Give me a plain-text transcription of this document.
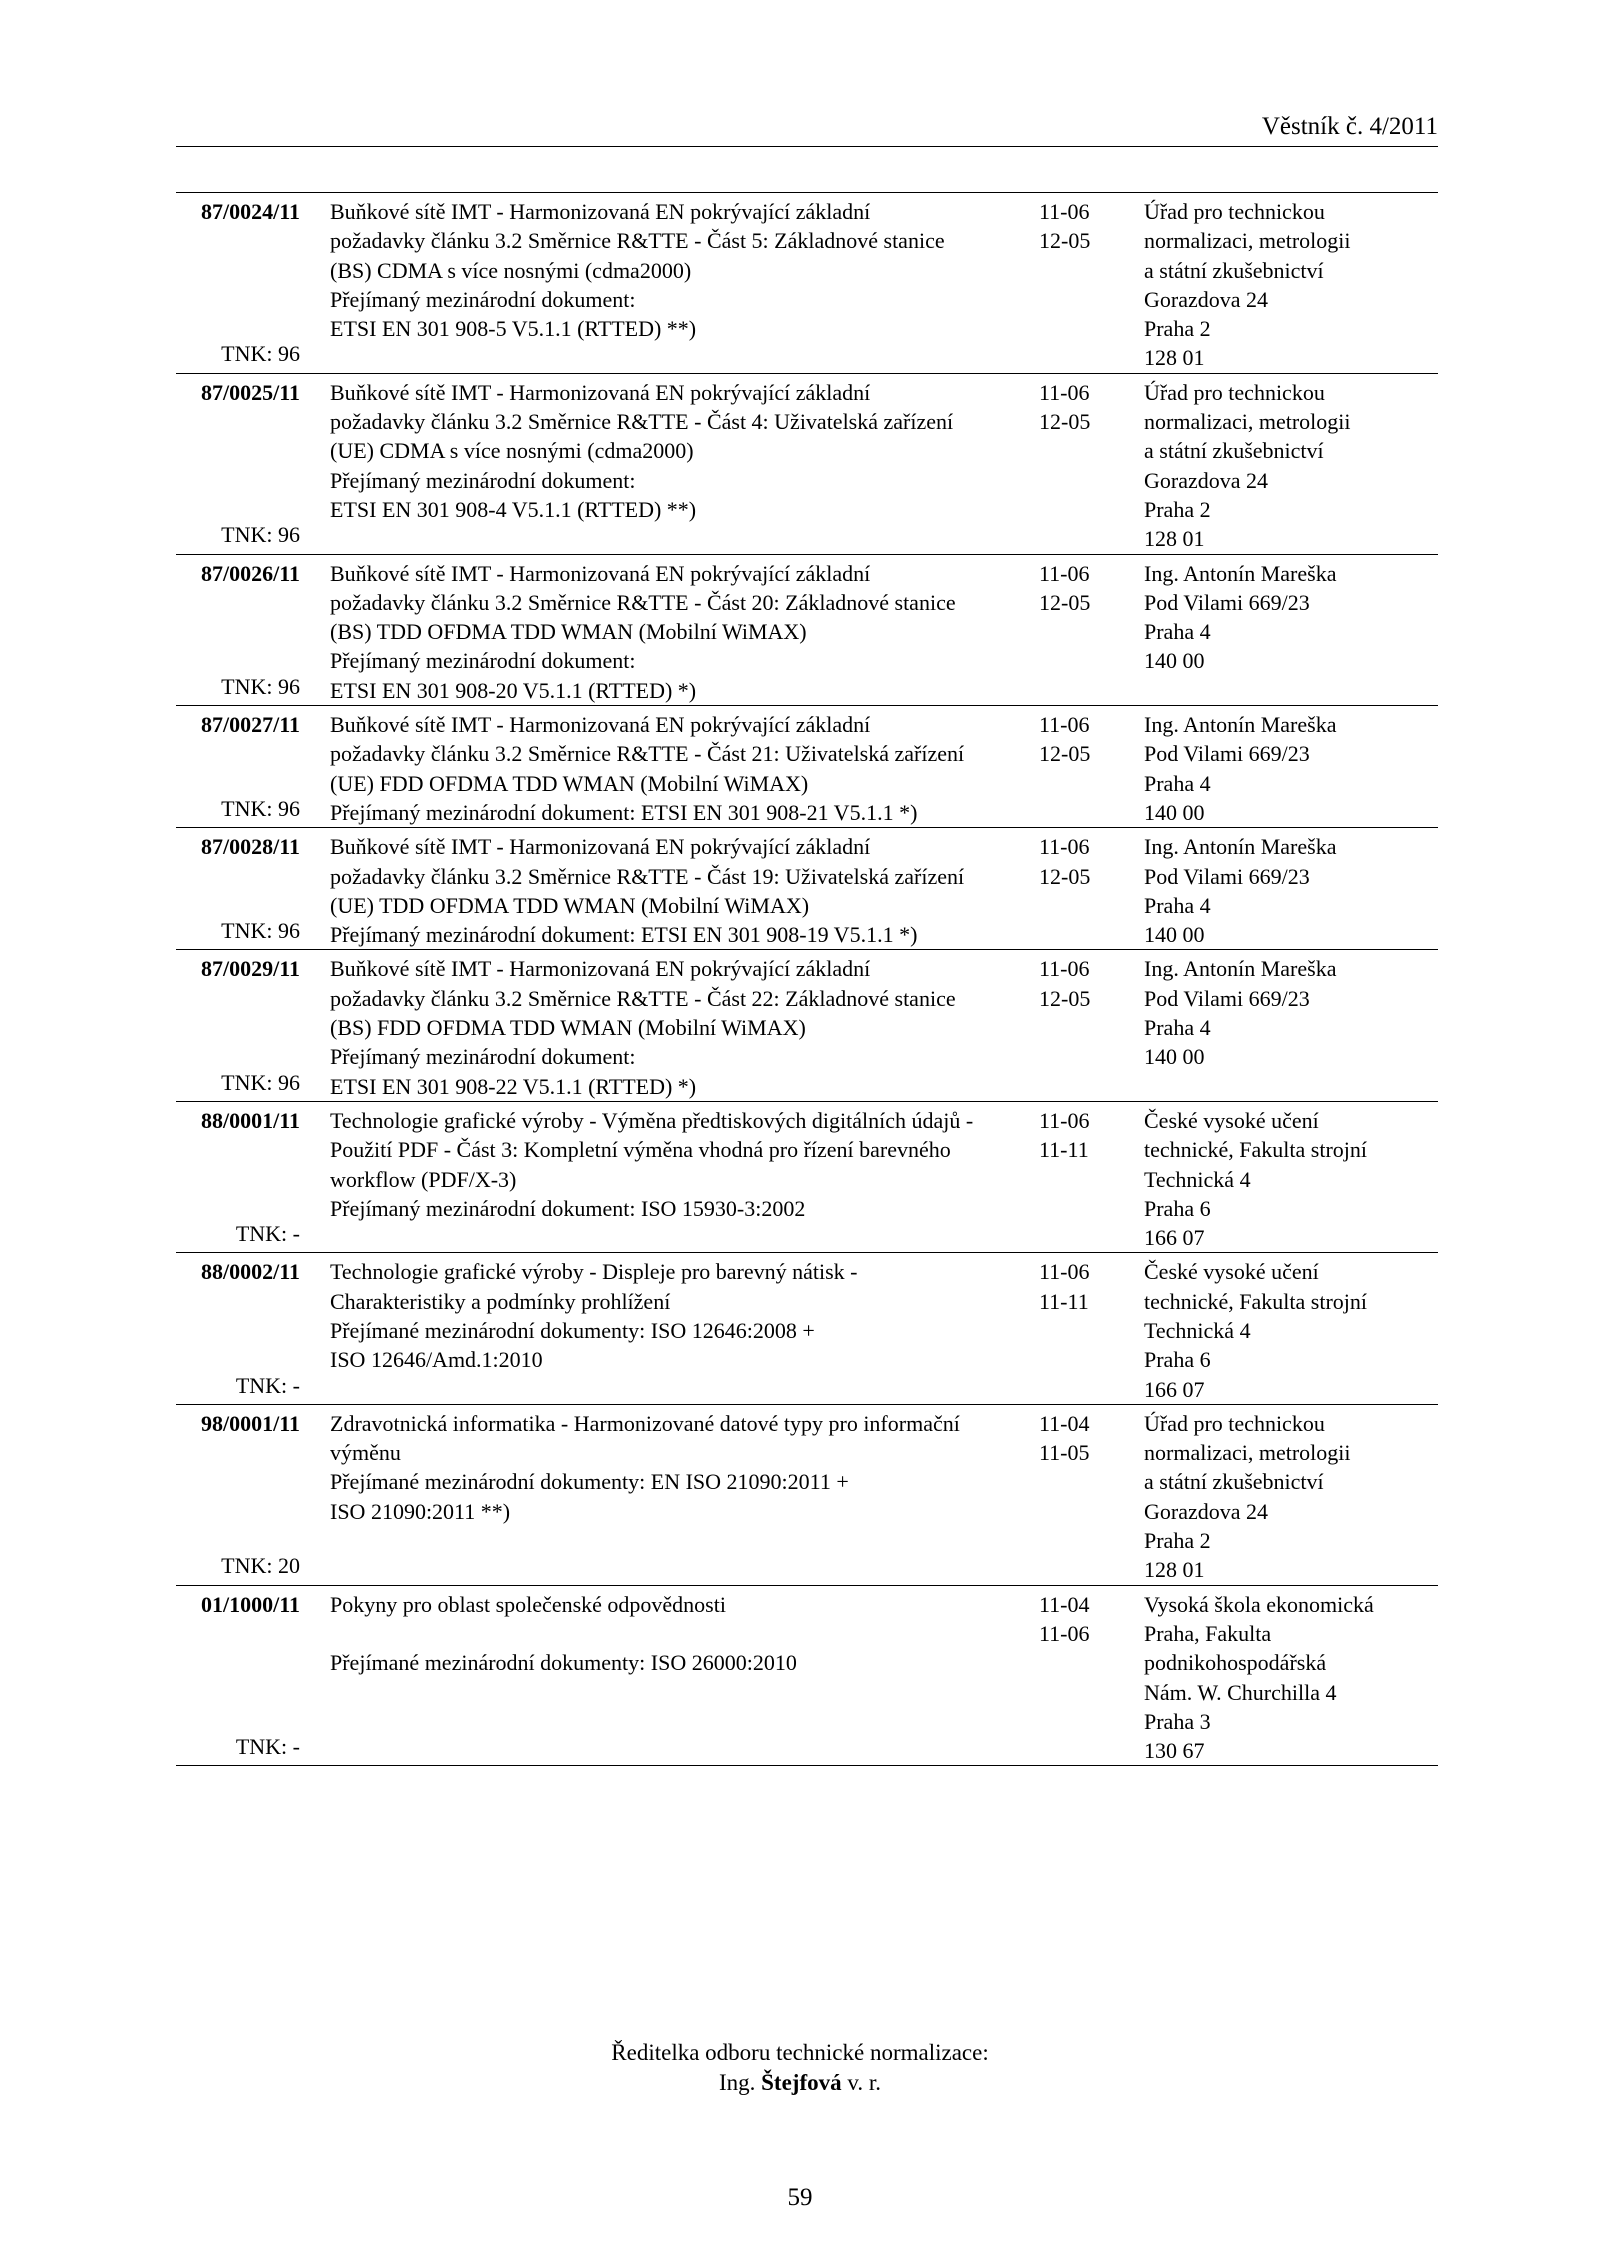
Věstník č. 4/2011
87/0024/11
TNK: 96
Buňkové sítě IMT - Harmonizovaná EN pokrývající základní
požadavky článku 3.2 Směrnice R&TTE - Část 5: Základnové stanice
(BS) CDMA s více nosnými (cdma2000)
Přejímaný mezinárodní dokument:
ETSI EN 301 908-5 V5.1.1 (RTTED) **)
11-06
12-05
Úřad pro technickou
normalizaci, metrologii
a státní zkušebnictví
Gorazdova 24
Praha 2
128 01
87/0025/11
TNK: 96
Buňkové sítě IMT - Harmonizovaná EN pokrývající základní
požadavky článku 3.2 Směrnice R&TTE - Část 4: Uživatelská zařízení
(UE) CDMA s více nosnými (cdma2000)
Přejímaný mezinárodní dokument:
ETSI EN 301 908-4 V5.1.1 (RTTED) **)
11-06
12-05
Úřad pro technickou
normalizaci, metrologii
a státní zkušebnictví
Gorazdova 24
Praha 2
128 01
87/0026/11
TNK: 96
Buňkové sítě IMT - Harmonizovaná EN pokrývající základní
požadavky článku 3.2 Směrnice R&TTE - Část 20: Základnové stanice
(BS) TDD OFDMA TDD WMAN (Mobilní WiMAX)
Přejímaný mezinárodní dokument:
ETSI EN 301 908-20 V5.1.1 (RTTED) *)
11-06
12-05
Ing. Antonín Mareška
Pod Vilami 669/23
Praha 4
140 00
87/0027/11
TNK: 96
Buňkové sítě IMT - Harmonizovaná EN pokrývající základní
požadavky článku 3.2 Směrnice R&TTE - Část 21: Uživatelská zařízení
(UE) FDD OFDMA TDD WMAN (Mobilní WiMAX)
Přejímaný mezinárodní dokument: ETSI EN 301 908-21 V5.1.1 *)
11-06
12-05
Ing. Antonín Mareška
Pod Vilami 669/23
Praha 4
140 00
87/0028/11
TNK: 96
Buňkové sítě IMT - Harmonizovaná EN pokrývající základní
požadavky článku 3.2 Směrnice R&TTE - Část 19: Uživatelská zařízení
(UE) TDD OFDMA TDD WMAN (Mobilní WiMAX)
Přejímaný mezinárodní dokument: ETSI EN 301 908-19 V5.1.1 *)
11-06
12-05
Ing. Antonín Mareška
Pod Vilami 669/23
Praha 4
140 00
87/0029/11
TNK: 96
Buňkové sítě IMT - Harmonizovaná EN pokrývající základní
požadavky článku 3.2 Směrnice R&TTE - Část 22: Základnové stanice
(BS) FDD OFDMA TDD WMAN (Mobilní WiMAX)
Přejímaný mezinárodní dokument:
ETSI EN 301 908-22 V5.1.1 (RTTED) *)
11-06
12-05
Ing. Antonín Mareška
Pod Vilami 669/23
Praha 4
140 00
88/0001/11
TNK: -
Technologie grafické výroby - Výměna předtiskových digitálních údajů -
Použití PDF - Část 3: Kompletní výměna vhodná pro řízení barevného
workflow (PDF/X-3)
Přejímaný mezinárodní dokument: ISO 15930-3:2002
11-06
11-11
České vysoké učení
technické, Fakulta strojní
Technická 4
Praha 6
166 07
88/0002/11
TNK: -
Technologie grafické výroby - Displeje pro barevný nátisk -
Charakteristiky a podmínky prohlížení
Přejímané mezinárodní dokumenty: ISO 12646:2008 +
ISO 12646/Amd.1:2010
11-06
11-11
České vysoké učení
technické, Fakulta strojní
Technická 4
Praha 6
166 07
98/0001/11
TNK: 20
Zdravotnická informatika - Harmonizované datové typy pro informační
výměnu
Přejímané mezinárodní dokumenty: EN ISO 21090:2011 +
ISO 21090:2011 **)
11-04
11-05
Úřad pro technickou
normalizaci, metrologii
a státní zkušebnictví
Gorazdova 24
Praha 2
128 01
01/1000/11
TNK: -
Pokyny pro oblast společenské odpovědnosti
Přejímané mezinárodní dokumenty: ISO 26000:2010
11-04
11-06
Vysoká škola ekonomická
Praha, Fakulta
podnikohospodářská
Nám. W. Churchilla 4
Praha 3
130 67
Ředitelka odboru technické normalizace:
Ing. Štejfová v. r.
59
